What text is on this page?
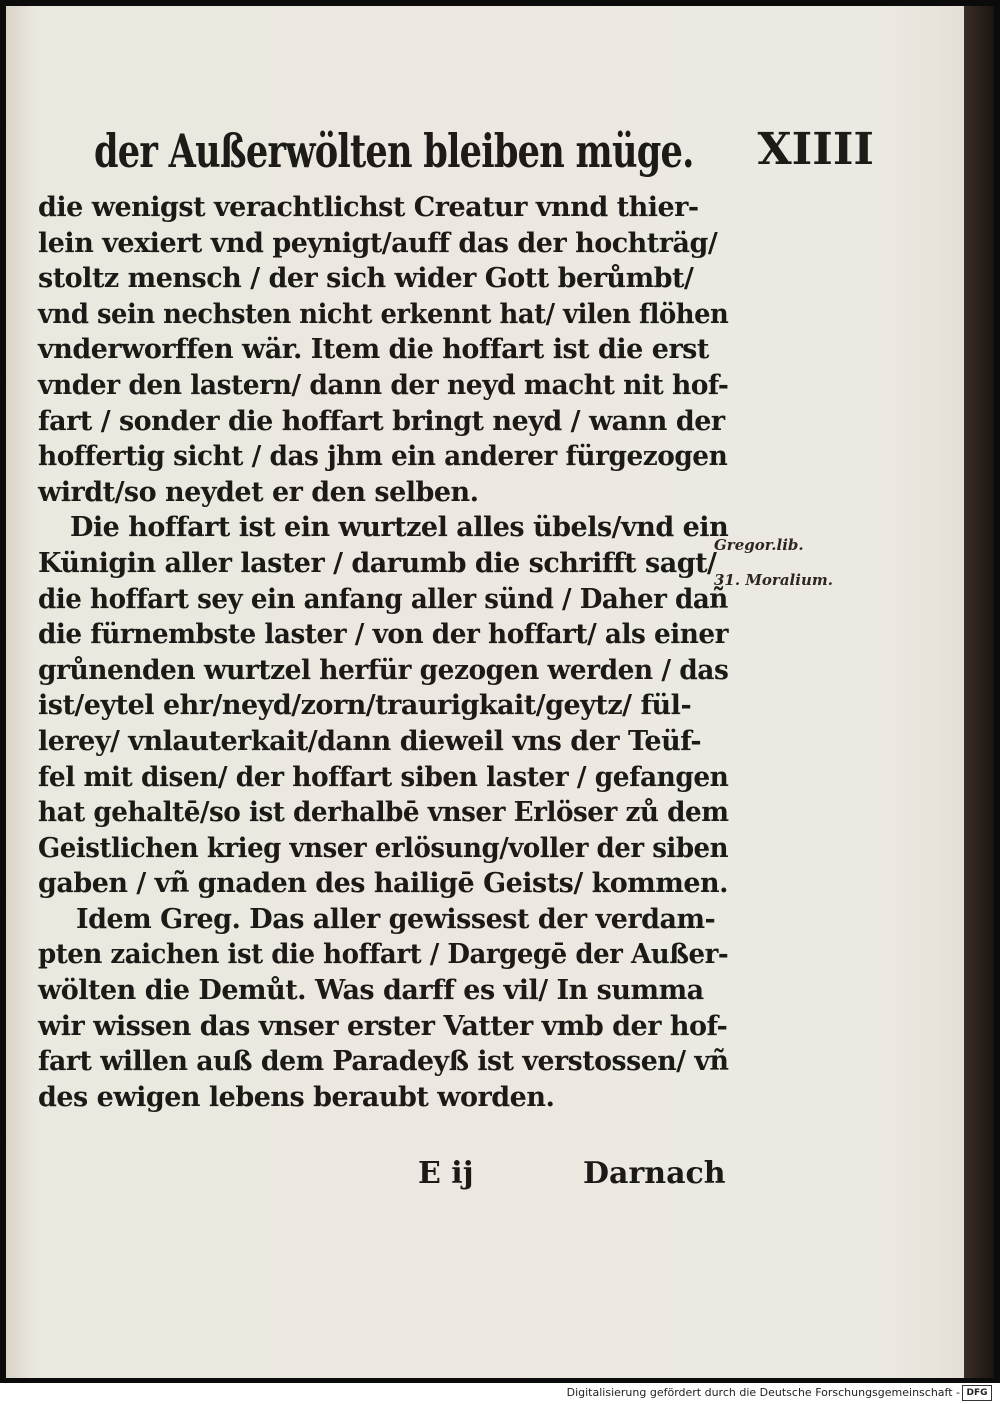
der Außerwölten bleiben müge. XIIII
die wenigst verachtlichst Creatur vnnd thier-
lein vexiert vnd peynigt/auff das der hochträg/
stoltz mensch / der sich wider Gott berůmbt/
vnd sein nechsten nicht erkennt hat/ vilen flöhen
vnderworffen wär. Item die hoffart ist die erst
vnder den lastern/ dann der neyd macht nit hof-
fart / sonder die hoffart bringt neyd / wann der
hoffertig sicht / das jhm ein anderer fürgezogen
wirdt/so neydet er den selben.
Die hoffart ist ein wurtzel alles übels/vnd ein
Künigin aller laster / darumb die schrifft sagt/
die hoffart sey ein anfang aller sünd / Daher dañ
die fürnembste laster / von der hoffart/ als einer
grůnenden wurtzel herfür gezogen werden / das
ist/eytel ehr/neyd/zorn/traurigkait/geytz/ fül-
lerey/ vnlauterkait/dann dieweil vns der Teüf-
fel mit disen/ der hoffart siben laster / gefangen
hat gehaltē/so ist derhalbē vnser Erlöser zů dem
Geistlichen krieg vnser erlösung/voller der siben
gaben / vñ gnaden des hailigē Geists/ kommen.
Idem Greg. Das aller gewissest der verdam-
pten zaichen ist die hoffart / Dargegē der Außer-
wölten die Demůt. Was darff es vil/ In summa
wir wissen das vnser erster Vatter vmb der hof-
fart willen auß dem Paradeyß ist verstossen/ vñ
des ewigen lebens beraubt worden.
Gregor.lib.
31. Moralium.
E ij	Darnach
Digitalisierung gefördert durch die Deutsche Forschungsgemeinschaft - DFG
